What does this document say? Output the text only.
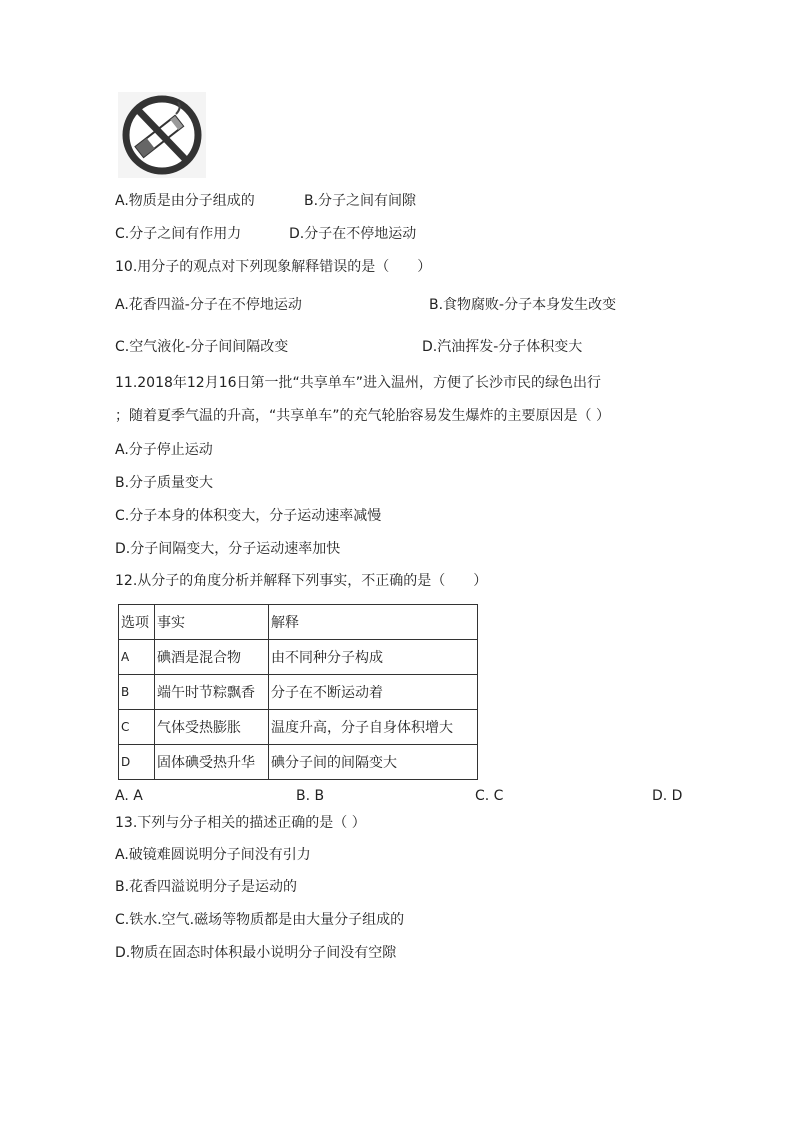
A.物质是由分子组成的	B.分子之间有间隙
C.分子之间有作用力	D.分子在不停地运动
10.用分子的观点对下列现象解释错误的是（　　）
A.花香四溢-分子在不停地运动	B.食物腐败-分子本身发生改变
C.空气液化-分子间间隔改变	D.汽油挥发-分子体积变大
11.2018年12月16日第一批“共享单车”进入温州，方便了长沙市民的绿色出行
；随着夏季气温的升高，“共享单车”的充气轮胎容易发生爆炸的主要原因是（ ）
A.分子停止运动
B.分子质量变大
C.分子本身的体积变大，分子运动速率减慢
D.分子间隔变大，分子运动速率加快
12.从分子的角度分析并解释下列事实，不正确的是（　　）
选项	事实	解释
A	碘酒是混合物	由不同种分子构成
B	端午时节粽飘香	分子在不断运动着
C	气体受热膨胀	温度升高，分子自身体积增大
D	固体碘受热升华	碘分子间的间隔变大
A. A	B. B	C. C	D. D
13.下列与分子相关的描述正确的是（ ）
A.破镜难圆说明分子间没有引力
B.花香四溢说明分子是运动的
C.铁水.空气.磁场等物质都是由大量分子组成的
D.物质在固态时体积最小说明分子间没有空隙
